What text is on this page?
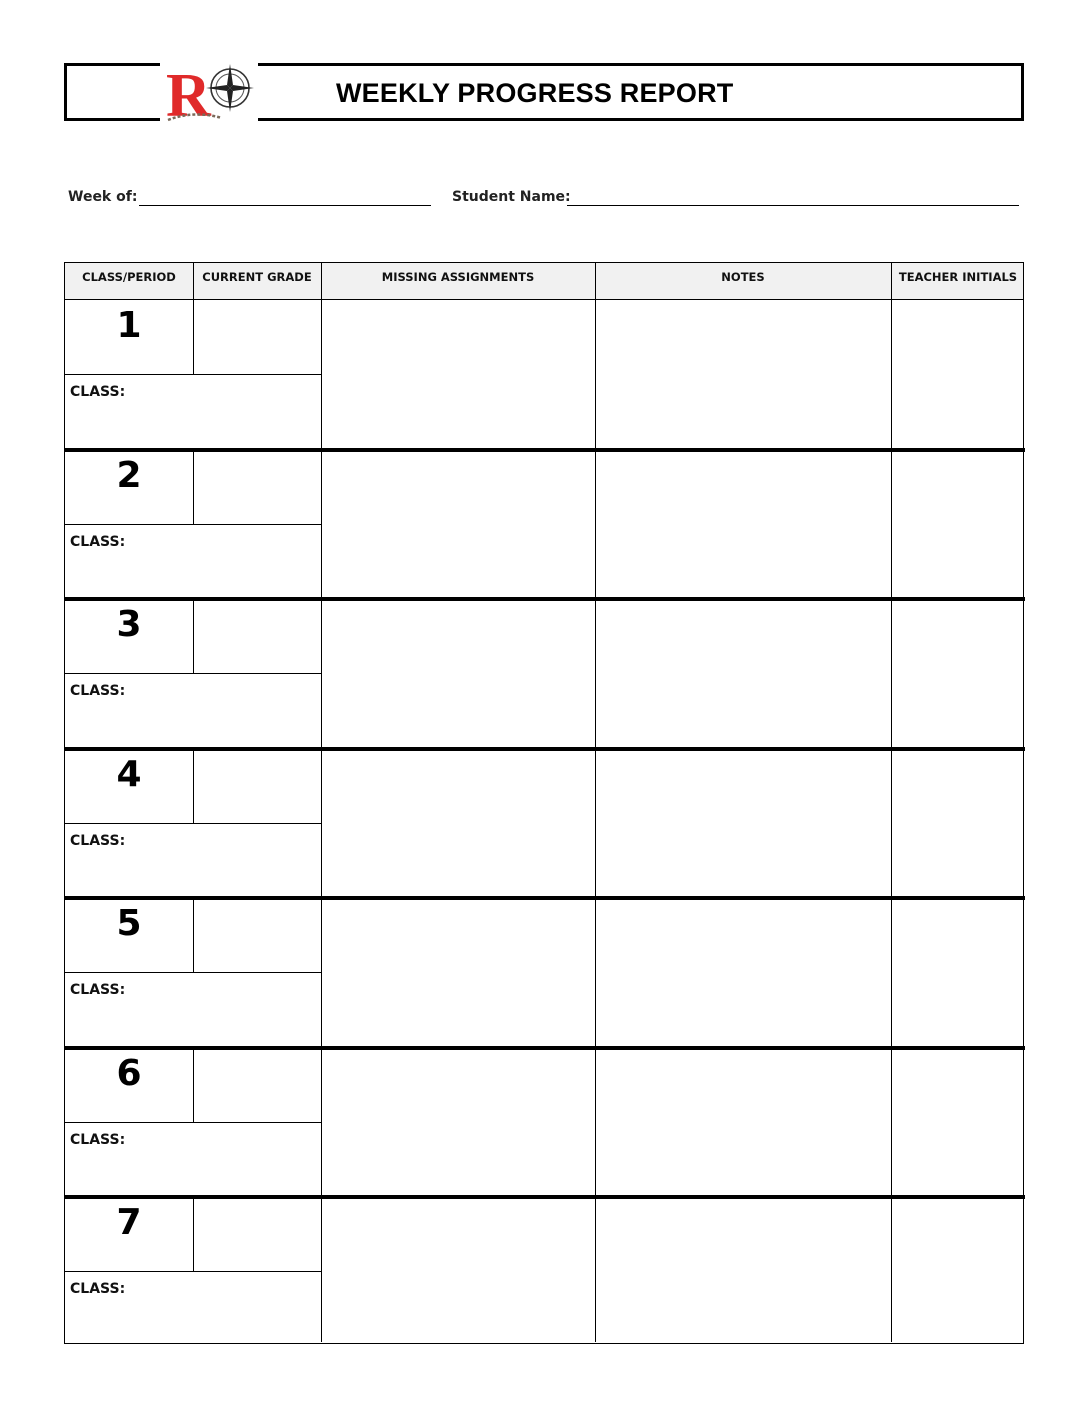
R	WEEKLY PROGRESS REPORT
Week of:	Student Name:
CLASS/PERIOD	CURRENT GRADE	MISSING ASSIGNMENTS	NOTES	TEACHER INITIALS
1
CLASS:
2
CLASS:
3
CLASS:
4
CLASS:
5
CLASS:
6
CLASS:
7
CLASS:
